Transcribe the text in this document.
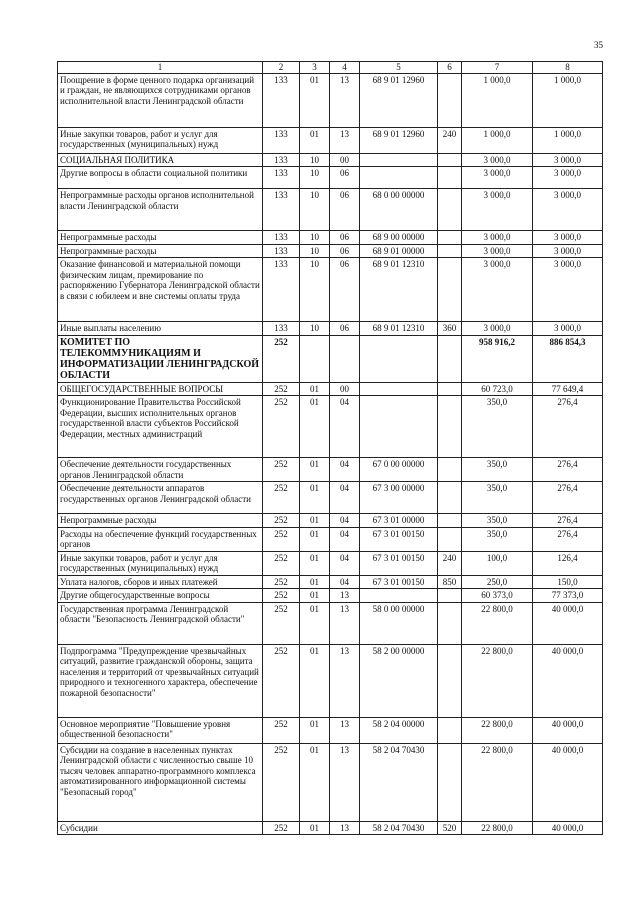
35
1	2	3	4	5	6	7	8
Поощрение в форме ценного подарка организаций и граждан, не являющихся сотрудниками органов исполнительной власти Ленинградской области	133	01	13	68 9 01 12960		1 000,0	1 000,0
Иные закупки товаров, работ и услуг для государственных (муниципальных) нужд	133	01	13	68 9 01 12960	240	1 000,0	1 000,0
СОЦИАЛЬНАЯ ПОЛИТИКА	133	10	00			3 000,0	3 000,0
Другие вопросы в области социальной политики	133	10	06			3 000,0	3 000,0
Непрограммные расходы органов исполнительной власти Ленинградской области	133	10	06	68 0 00 00000		3 000,0	3 000,0
Непрограммные расходы	133	10	06	68 9 00 00000		3 000,0	3 000,0
Непрограммные расходы	133	10	06	68 9 01 00000		3 000,0	3 000,0
Оказание финансовой и материальной помощи физическим лицам, премирование по распоряжению Губернатора Ленинградской области в связи с юбилеем и вне системы оплаты труда	133	10	06	68 9 01 12310		3 000,0	3 000,0
Иные выплаты населению	133	10	06	68 9 01 12310	360	3 000,0	3 000,0
КОМИТЕТ ПО ТЕЛЕКОММУНИКАЦИЯМ И ИНФОРМАТИЗАЦИИ ЛЕНИНГРАДСКОЙ ОБЛАСТИ	252					958 916,2	886 854,3
ОБЩЕГОСУДАРСТВЕННЫЕ ВОПРОСЫ	252	01	00			60 723,0	77 649,4
Функционирование Правительства Российской Федерации, высших исполнительных органов государственной власти субъектов Российской Федерации, местных администраций	252	01	04			350,0	276,4
Обеспечение деятельности государственных органов Ленинградской области	252	01	04	67 0 00 00000		350,0	276,4
Обеспечение деятельности аппаратов государственных органов Ленинградской области	252	01	04	67 3 00 00000		350,0	276,4
Непрограммные расходы	252	01	04	67 3 01 00000		350,0	276,4
Расходы на обеспечение функций государственных органов	252	01	04	67 3 01 00150		350,0	276,4
Иные закупки товаров, работ и услуг для государственных (муниципальных) нужд	252	01	04	67 3 01 00150	240	100,0	126,4
Уплата налогов, сборов и иных платежей	252	01	04	67 3 01 00150	850	250,0	150,0
Другие общегосударственные вопросы	252	01	13			60 373,0	77 373,0
Государственная программа Ленинградской области "Безопасность Ленинградской области"	252	01	13	58 0 00 00000		22 800,0	40 000,0
Подпрограмма "Предупреждение чрезвычайных ситуаций, развитие гражданской обороны, защита населения и территорий от чрезвычайных ситуаций природного и техногенного характера, обеспечение пожарной безопасности"	252	01	13	58 2 00 00000		22 800,0	40 000,0
Основное мероприятие "Повышение уровня общественной безопасности"	252	01	13	58 2 04 00000		22 800,0	40 000,0
Субсидии на создание в населенных пунктах Ленинградской области с численностью свыше 10 тысяч человек аппаратно-программного комплекса автоматизированного информационной системы "Безопасный город"	252	01	13	58 2 04 70430		22 800,0	40 000,0
Субсидии	252	01	13	58 2 04 70430	520	22 800,0	40 000,0
